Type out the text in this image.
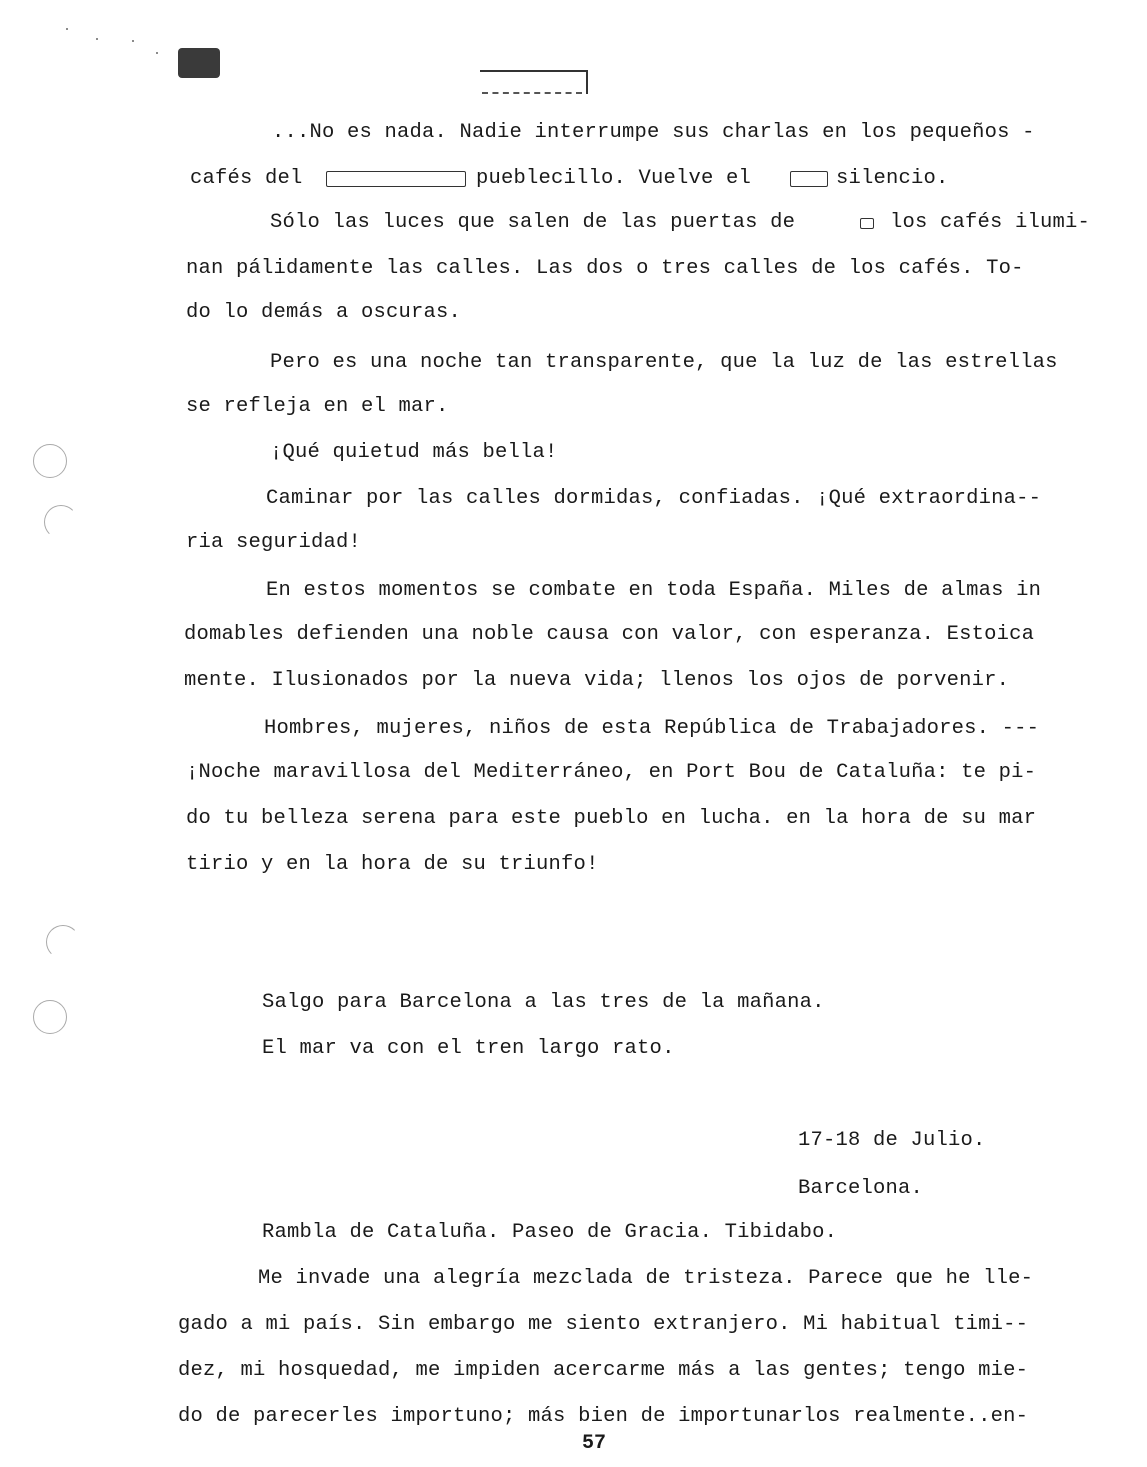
...No es nada. Nadie interrumpe sus charlas en los pequeños -
cafés del	pueblecillo. Vuelve el	silencio.
Sólo las luces que salen de las puertas de	los cafés ilumi-
nan pálidamente las calles. Las dos o tres calles de los cafés. To-
do lo demás a oscuras.
Pero es una noche tan transparente, que la luz de las estrellas
se refleja en el mar.
¡Qué quietud más bella!
Caminar por las calles dormidas, confiadas. ¡Qué extraordina--
ria seguridad!
En estos momentos se combate en toda España. Miles de almas in
domables defienden una noble causa con valor, con esperanza. Estoica
mente. Ilusionados por la nueva vida; llenos los ojos de porvenir.
Hombres, mujeres, niños de esta República de Trabajadores. ---
¡Noche maravillosa del Mediterráneo, en Port Bou de Cataluña: te pi-
do tu belleza serena para este pueblo en lucha. en la hora de su mar
tirio y en la hora de su triunfo!
Salgo para Barcelona a las tres de la mañana.
El mar va con el tren largo rato.
17-18 de Julio.
Barcelona.
Rambla de Cataluña. Paseo de Gracia. Tibidabo.
Me invade una alegría mezclada de tristeza. Parece que he lle-
gado a mi país. Sin embargo me siento extranjero. Mi habitual timi--
dez, mi hosquedad, me impiden acercarme más a las gentes; tengo mie-
do de parecerles importuno; más bien de importunarlos realmente..en-
57
